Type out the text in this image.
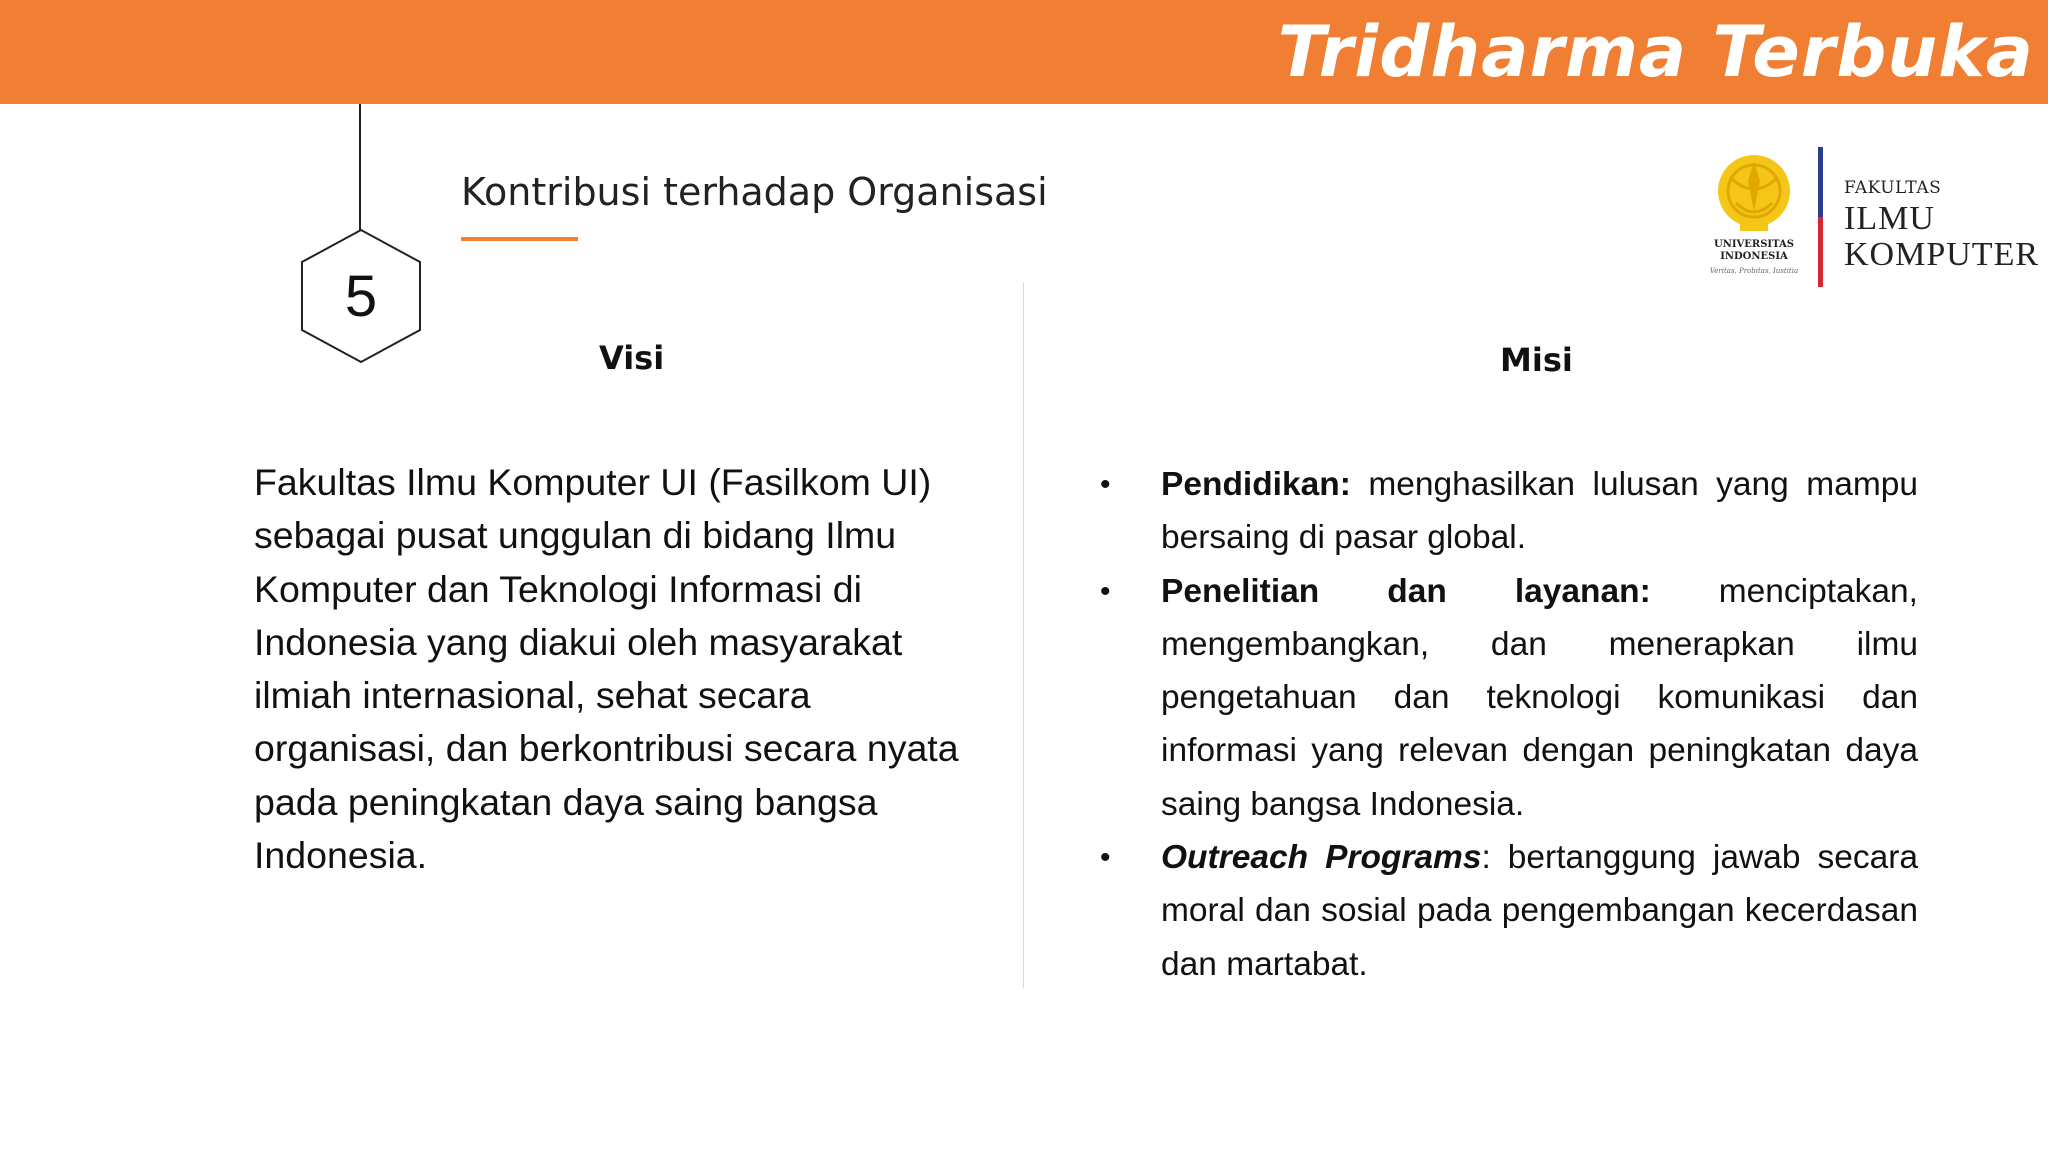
Tridharma Terbuka
5
Kontribusi terhadap Organisasi
UNIVERSITAS
INDONESIA
Veritas, Probitas, Iustitia
FAKULTAS
ILMU
KOMPUTER
Visi
Fakultas Ilmu Komputer UI (Fasilkom UI) sebagai pusat unggulan di bidang Ilmu Komputer dan Teknologi Informasi di Indonesia yang diakui oleh masyarakat ilmiah internasional, sehat secara organisasi, dan berkontribusi secara nyata pada peningkatan daya saing bangsa Indonesia.
Misi
• Pendidikan: menghasilkan lulusan yang mampu bersaing di pasar global.
• Penelitian dan layanan: menciptakan, mengembangkan, dan menerapkan ilmu pengetahuan dan teknologi komunikasi dan informasi yang relevan dengan peningkatan daya saing bangsa Indonesia.
• Outreach Programs: bertanggung jawab secara moral dan sosial pada pengembangan kecerdasan dan martabat.
